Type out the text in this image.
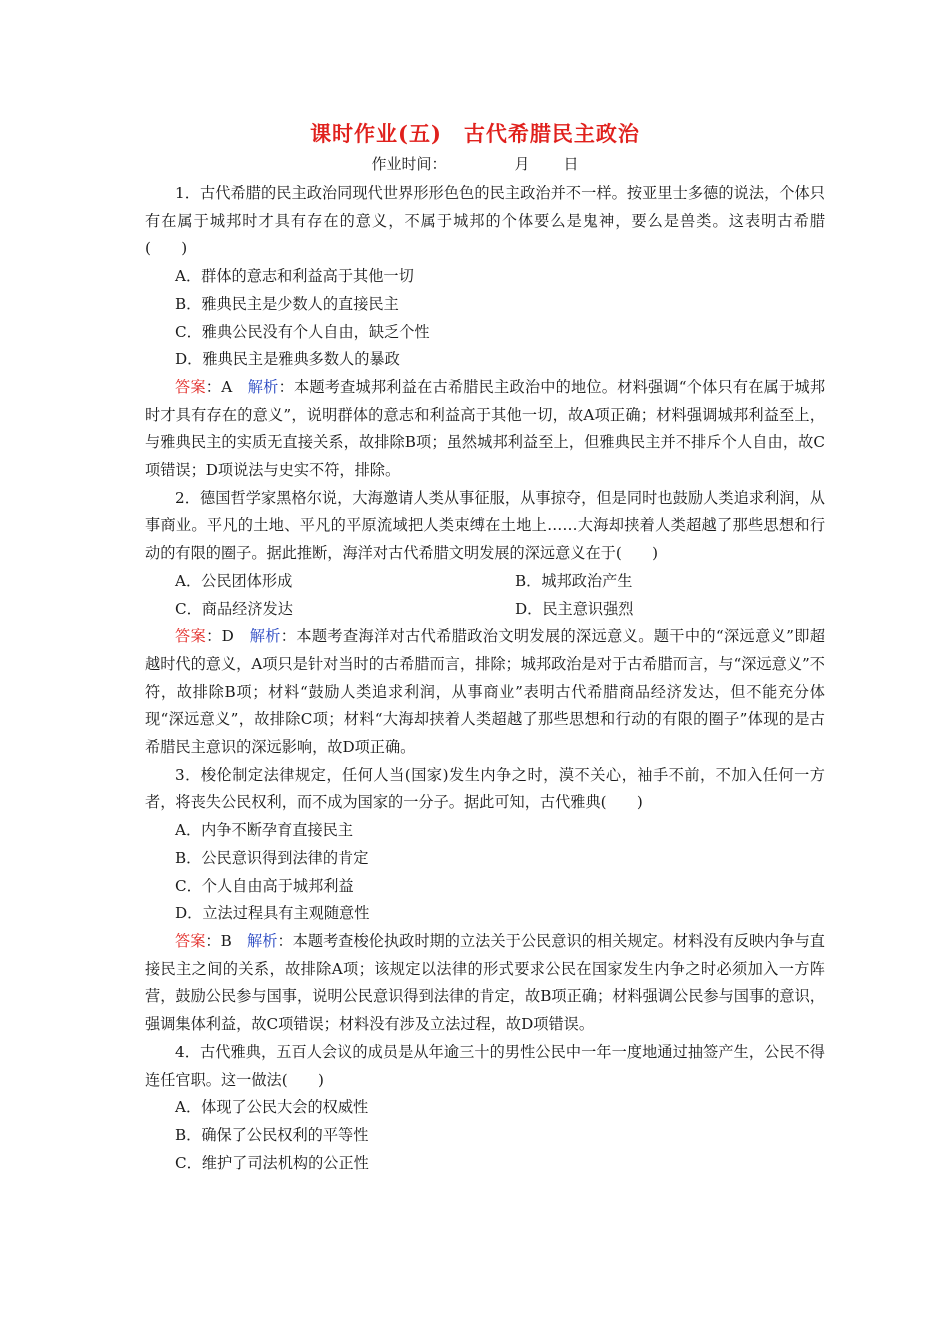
课时作业(五)　古代希腊民主政治
作业时间：	月 日

1．古代希腊的民主政治同现代世界形形色色的民主政治并不一样。按亚里士多德的说法，个体只有在属于城邦时才具有存在的意义，不属于城邦的个体要么是鬼神，要么是兽类。这表明古希腊(　　)

A．群体的意志和利益高于其他一切

B．雅典民主是少数人的直接民主

C．雅典公民没有个人自由，缺乏个性

D．雅典民主是雅典多数人的暴政

答案：A　解析：本题考查城邦利益在古希腊民主政治中的地位。材料强调“个体只有在属于城邦时才具有存在的意义”，说明群体的意志和利益高于其他一切，故A项正确；材料强调城邦利益至上，与雅典民主的实质无直接关系，故排除B项；虽然城邦利益至上，但雅典民主并不排斥个人自由，故C项错误；D项说法与史实不符，排除。

2．德国哲学家黑格尔说，大海邀请人类从事征服，从事掠夺，但是同时也鼓励人类追求利润，从事商业。平凡的土地、平凡的平原流域把人类束缚在土地上……大海却挟着人类超越了那些思想和行动的有限的圈子。据此推断，海洋对古代希腊文明发展的深远意义在于(　　)

A．公民团体形成	B．城邦政治产生
C．商品经济发达	D．民主意识强烈

答案：D　解析：本题考查海洋对古代希腊政治文明发展的深远意义。题干中的“深远意义”即超越时代的意义，A项只是针对当时的古希腊而言，排除；城邦政治是对于古希腊而言，与“深远意义”不符，故排除B项；材料“鼓励人类追求利润，从事商业”表明古代希腊商品经济发达，但不能充分体现“深远意义”，故排除C项；材料“大海却挟着人类超越了那些思想和行动的有限的圈子”体现的是古希腊民主意识的深远影响，故D项正确。

3．梭伦制定法律规定，任何人当(国家)发生内争之时，漠不关心，袖手不前，不加入任何一方者，将丧失公民权利，而不成为国家的一分子。据此可知，古代雅典(　　)

A．内争不断孕育直接民主

B．公民意识得到法律的肯定

C．个人自由高于城邦利益

D．立法过程具有主观随意性

答案：B　解析：本题考查梭伦执政时期的立法关于公民意识的相关规定。材料没有反映内争与直接民主之间的关系，故排除A项；该规定以法律的形式要求公民在国家发生内争之时必须加入一方阵营，鼓励公民参与国事，说明公民意识得到法律的肯定，故B项正确；材料强调公民参与国事的意识，强调集体利益，故C项错误；材料没有涉及立法过程，故D项错误。

4．古代雅典，五百人会议的成员是从年逾三十的男性公民中一年一度地通过抽签产生，公民不得连任官职。这一做法(　　)

A．体现了公民大会的权威性

B．确保了公民权利的平等性

C．维护了司法机构的公正性
